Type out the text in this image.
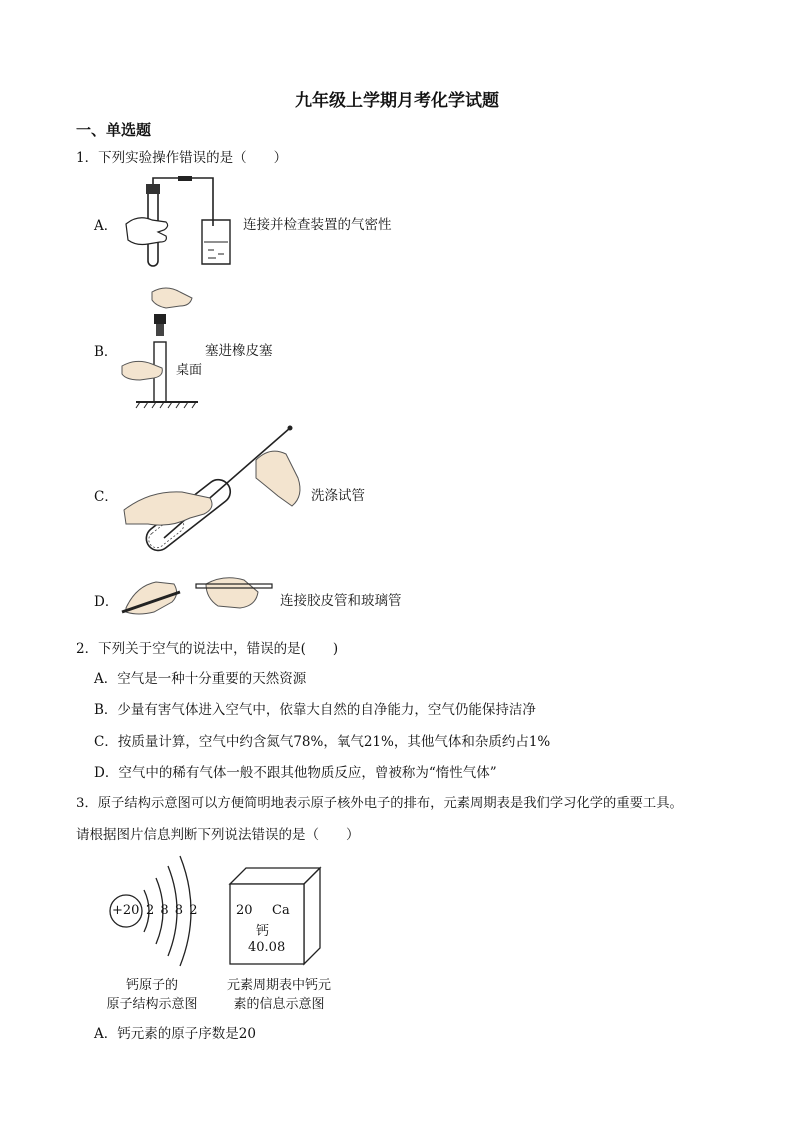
九年级上学期月考化学试题
一、单选题
1．下列实验操作错误的是（　　）
A．	连接并检查装置的气密性
B．	塞进橡皮塞
桌面
C．	洗涤试管
D．	连接胶皮管和玻璃管
2．下列关于空气的说法中，错误的是(　　)
A．空气是一种十分重要的天然资源
B．少量有害气体进入空气中，依靠大自然的自净能力，空气仍能保持洁净
C．按质量计算，空气中约含氮气78%，氧气21%，其他气体和杂质约占1%
D．空气中的稀有气体一般不跟其他物质反应，曾被称为“惰性气体”
3．原子结构示意图可以方便简明地表示原子核外电子的排布，元素周期表是我们学习化学的重要工具。
请根据图片信息判断下列说法错误的是（　　）
+20 2 8 8 2	20 Ca
钙
40.08
钙原子的
原子结构示意图
元素周期表中钙元
素的信息示意图
A．钙元素的原子序数是20
